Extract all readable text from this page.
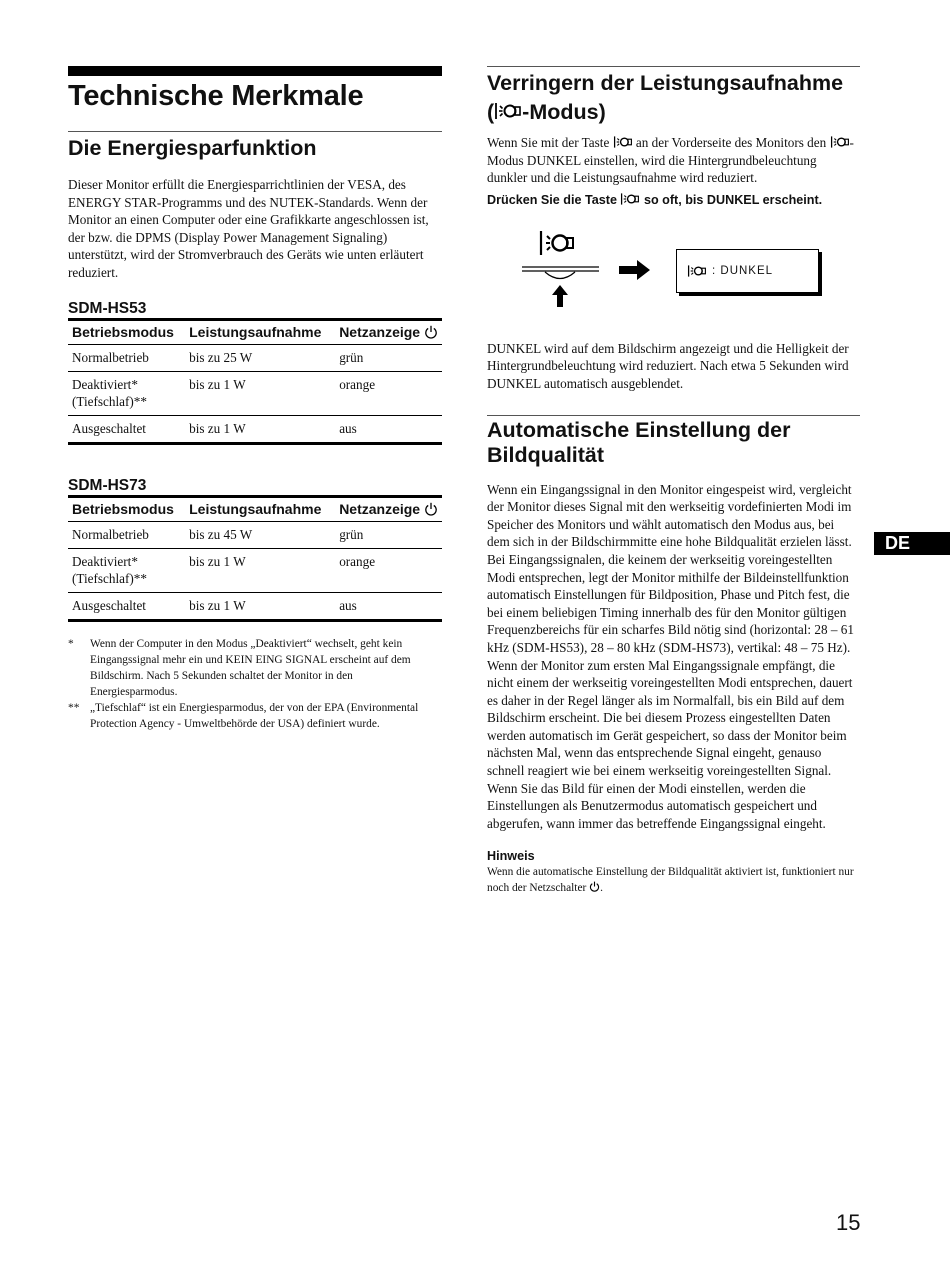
Technische Merkmale
Die Energiesparfunktion

Dieser Monitor erfüllt die Energiesparrichtlinien der VESA, des ENERGY STAR-Programms und des NUTEK-Standards. Wenn der Monitor an einen Computer oder eine Grafikkarte angeschlossen ist, der bzw. die DPMS (Display Power Management Signaling) unterstützt, wird der Stromverbrauch des Geräts wie unten erläutert reduziert.

SDM-HS53
Betriebsmodus	Leistungsaufnahme	Netzanzeige
Normalbetrieb	bis zu 25 W	grün
Deaktiviert*
(Tiefschlaf)**	bis zu 1 W	orange
Ausgeschaltet	bis zu 1 W	aus
SDM-HS73
Betriebsmodus	Leistungsaufnahme	Netzanzeige
Normalbetrieb	bis zu 45 W	grün
Deaktiviert*
(Tiefschlaf)**	bis zu 1 W	orange
Ausgeschaltet	bis zu 1 W	aus
*	Wenn der Computer in den Modus „Deaktiviert“ wechselt, geht kein Eingangssignal mehr ein und KEIN EING SIGNAL erscheint auf dem Bildschirm. Nach 5 Sekunden schaltet der Monitor in den Energiesparmodus.
** „Tiefschlaf“ ist ein Energiesparmodus, der von der EPA (Environmental Protection Agency - Umweltbehörde der USA) definiert wurde.
Verringern der Leistungsaufnahme
( -Modus)

Wenn Sie mit der Taste an der Vorderseite des Monitors den -Modus DUNKEL einstellen, wird die Hintergrundbeleuchtung dunkler und die Leistungsaufnahme wird reduziert.

Drücken Sie die Taste so oft, bis DUNKEL erscheint.
: DUNKEL

DUNKEL wird auf dem Bildschirm angezeigt und die Helligkeit der Hintergrundbeleuchtung wird reduziert. Nach etwa 5 Sekunden wird DUNKEL automatisch ausgeblendet.

Automatische Einstellung der Bildqualität

Wenn ein Eingangssignal in den Monitor eingespeist wird, vergleicht der Monitor dieses Signal mit den werkseitig vordefinierten Modi im Speicher des Monitors und wählt automatisch den Modus aus, bei dem sich in der Bildschirmmitte eine hohe Bildqualität erzielen lässt.

Bei Eingangssignalen, die keinem der werkseitig voreingestellten Modi entsprechen, legt der Monitor mithilfe der Bildeinstellfunktion automatisch Einstellungen für Bildposition, Phase und Pitch fest, die bei einem beliebigen Timing innerhalb des für den Monitor gültigen Frequenzbereichs für ein scharfes Bild nötig sind (horizontal: 28 – 61 kHz (SDM-HS53), 28 – 80 kHz (SDM-HS73), vertikal: 48 – 75 Hz).

Wenn der Monitor zum ersten Mal Eingangssignale empfängt, die nicht einem der werkseitig voreingestellten Modi entsprechen, dauert es daher in der Regel länger als im Normalfall, bis ein Bild auf dem Bildschirm erscheint. Die bei diesem Prozess eingestellten Daten werden automatisch im Gerät gespeichert, so dass der Monitor beim nächsten Mal, wenn das entsprechende Signal eingeht, genauso schnell reagiert wie bei einem werkseitig voreingestellten Signal.

Wenn Sie das Bild für einen der Modi einstellen, werden die Einstellungen als Benutzermodus automatisch gespeichert und abgerufen, wann immer das betreffende Eingangssignal eingeht.

Hinweis
Wenn die automatische Einstellung der Bildqualität aktiviert ist, funktioniert nur noch der Netzschalter .
DE
15
